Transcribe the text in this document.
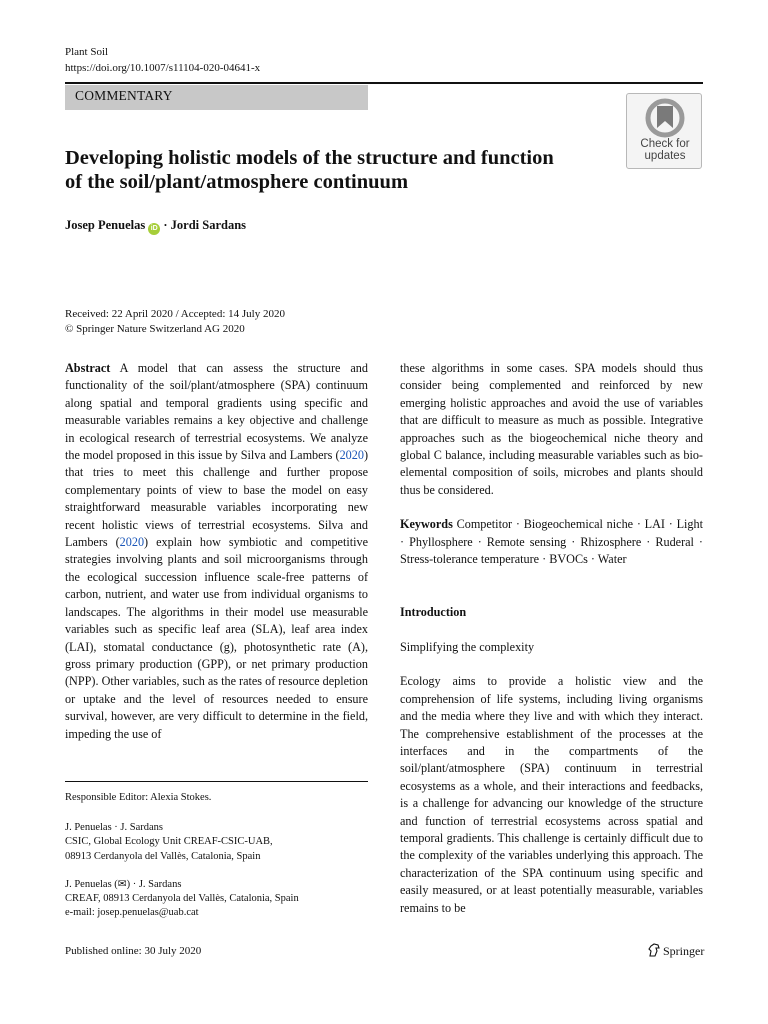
Plant Soil
https://doi.org/10.1007/s11104-020-04641-x
COMMENTARY
Check for
updates
Developing holistic models of the structure and function
of the soil/plant/atmosphere continuum
Josep Penuelas iD · Jordi Sardans
Received: 22 April 2020 / Accepted: 14 July 2020
© Springer Nature Switzerland AG 2020

Abstract A model that can assess the structure and functionality of the soil/plant/atmosphere (SPA) continuum along spatial and temporal gradients using specific and measurable variables remains a key objective and challenge in ecological research of terrestrial ecosystems. We analyze the model proposed in this issue by Silva and Lambers (2020) that tries to meet this challenge and further propose complementary points of view to base the model on easy straightforward measurable variables incorporating new recent holistic views of terrestrial ecosystems. Silva and Lambers (2020) explain how symbiotic and competitive strategies involving plants and soil microorganisms through the ecological succession influence scale-free patterns of carbon, nutrient, and water use from individual organisms to landscapes. The algorithms in their model use measurable variables such as specific leaf area (SLA), leaf area index (LAI), stomatal conductance (g), photosynthetic rate (A), gross primary production (GPP), or net primary production (NPP). Other variables, such as the rates of resource depletion or uptake and the level of resources needed to ensure survival, however, are very difficult to determine in the field, impeding the use of

these algorithms in some cases. SPA models should thus consider being complemented and reinforced by new emerging holistic approaches and avoid the use of variables that are difficult to measure as much as possible. Integrative approaches such as the biogeochemical niche theory and global C balance, including measurable variables such as bio-elemental composition of soils, microbes and plants should thus be considered.

Keywords Competitor · Biogeochemical niche · LAI · Light · Phyllosphere · Remote sensing · Rhizosphere · Ruderal · Stress-tolerance temperature · BVOCs · Water

Introduction

Simplifying the complexity

Ecology aims to provide a holistic view and the comprehension of life systems, including living organisms and the media where they live and with which they interact. The comprehensive establishment of the processes at the interfaces and in the compartments of the soil/plant/atmosphere (SPA) continuum in terrestrial ecosystems as a whole, and their interactions and feedbacks, is a challenge for advancing our knowledge of the structure and function of terrestrial ecosystems across spatial and temporal gradients. This challenge is certainly difficult due to the complexity of the variables underlying this approach. The characterization of the SPA continuum using specific and easily measured, or at least potentially measurable, variables remains to be

Responsible Editor: Alexia Stokes.

J. Penuelas · J. Sardans

CSIC, Global Ecology Unit CREAF-CSIC-UAB,

08913 Cerdanyola del Vallès, Catalonia, Spain

J. Penuelas (✉) · J. Sardans

CREAF, 08913 Cerdanyola del Vallès, Catalonia, Spain

e-mail: josep.penuelas@uab.cat

Published online: 30 July 2020	Springer
